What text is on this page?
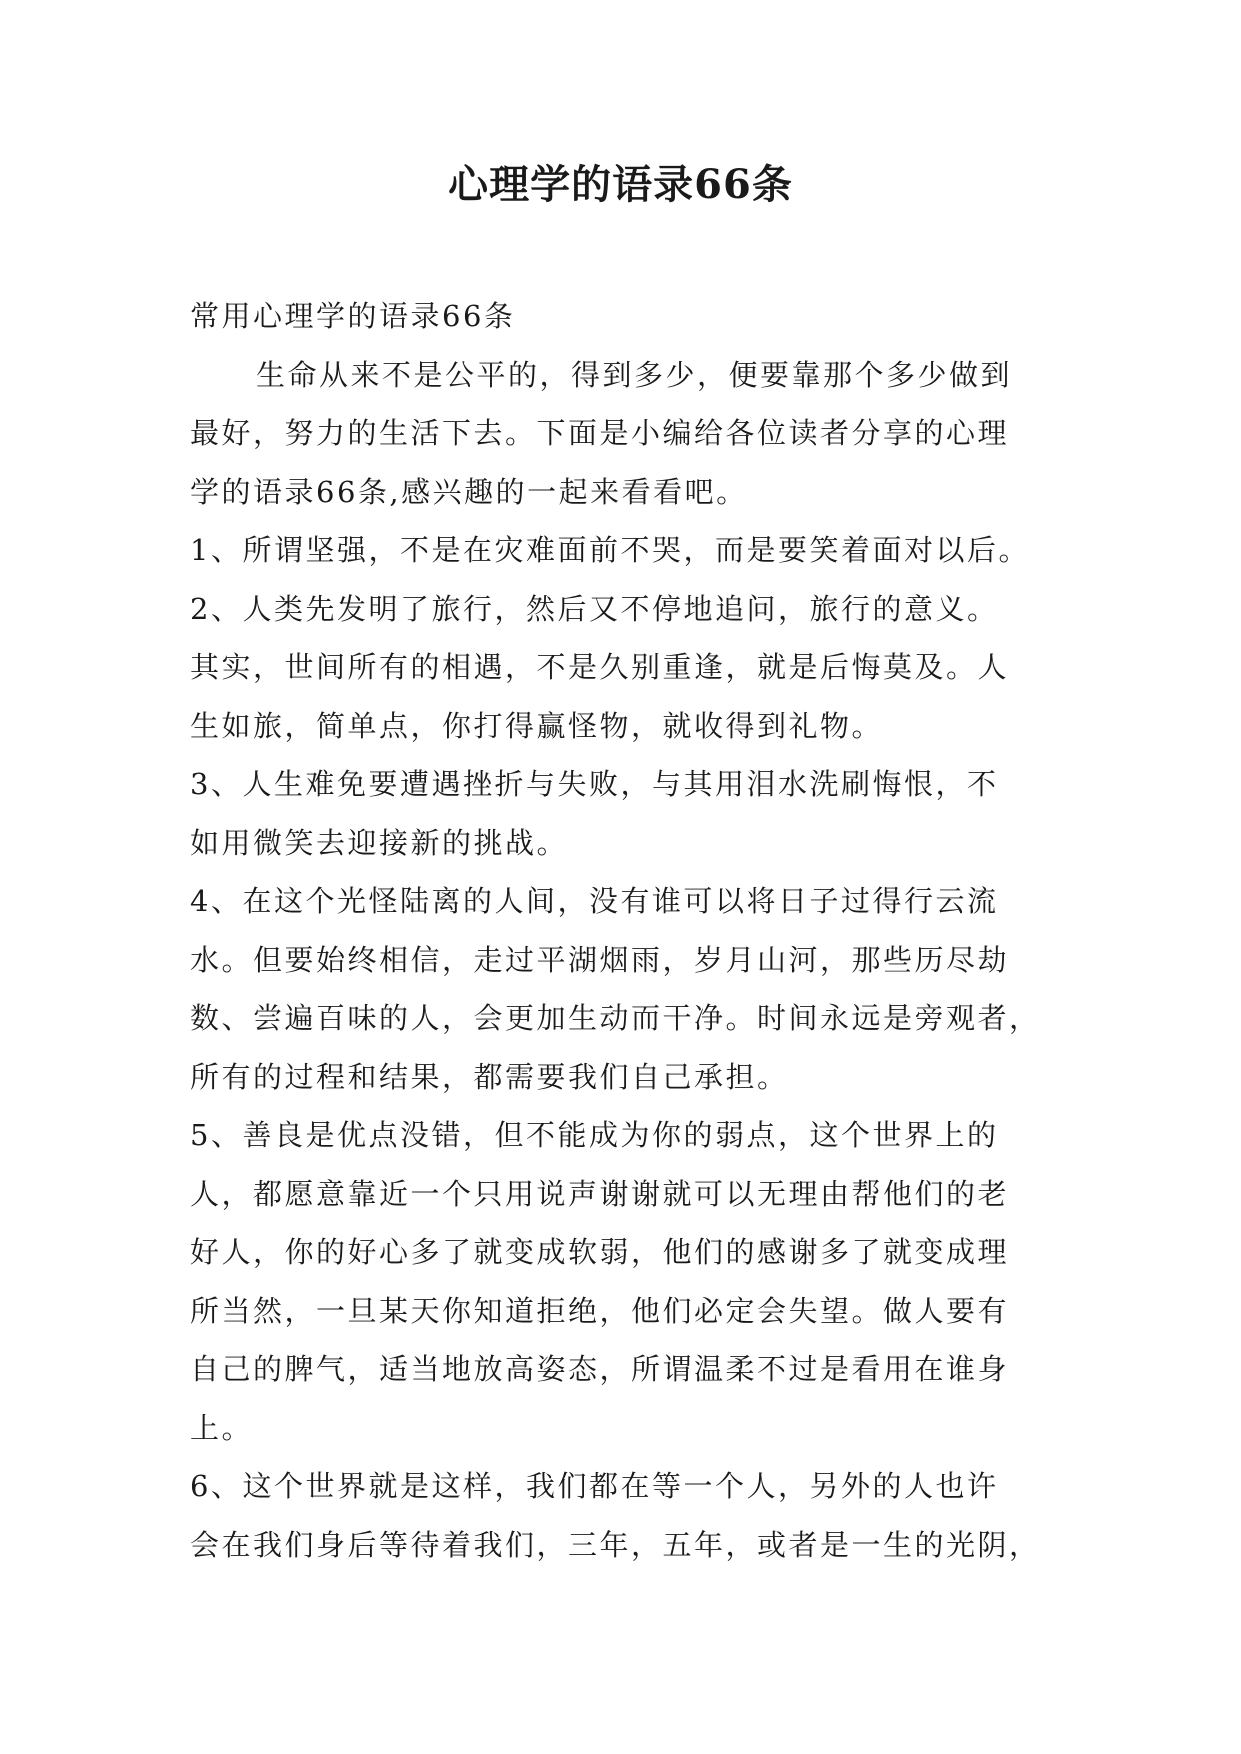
心理学的语录66条

常用心理学的语录66条

生命从来不是公平的，得到多少，便要靠那个多少做到

最好，努力的生活下去。下面是小编给各位读者分享的心理

学的语录66条,感兴趣的一起来看看吧。

1、所谓坚强，不是在灾难面前不哭，而是要笑着面对以后。

2、人类先发明了旅行，然后又不停地追问，旅行的意义。

其实，世间所有的相遇，不是久别重逢，就是后悔莫及。人

生如旅，简单点，你打得赢怪物，就收得到礼物。

3、人生难免要遭遇挫折与失败，与其用泪水洗刷悔恨，不

如用微笑去迎接新的挑战。

4、在这个光怪陆离的人间，没有谁可以将日子过得行云流

水。但要始终相信，走过平湖烟雨，岁月山河，那些历尽劫

数、尝遍百味的人，会更加生动而干净。时间永远是旁观者，

所有的过程和结果，都需要我们自己承担。

5、善良是优点没错，但不能成为你的弱点，这个世界上的

人，都愿意靠近一个只用说声谢谢就可以无理由帮他们的老

好人，你的好心多了就变成软弱，他们的感谢多了就变成理

所当然，一旦某天你知道拒绝，他们必定会失望。做人要有

自己的脾气，适当地放高姿态，所谓温柔不过是看用在谁身

上。

6、这个世界就是这样，我们都在等一个人，另外的人也许

会在我们身后等待着我们，三年，五年，或者是一生的光阴，
